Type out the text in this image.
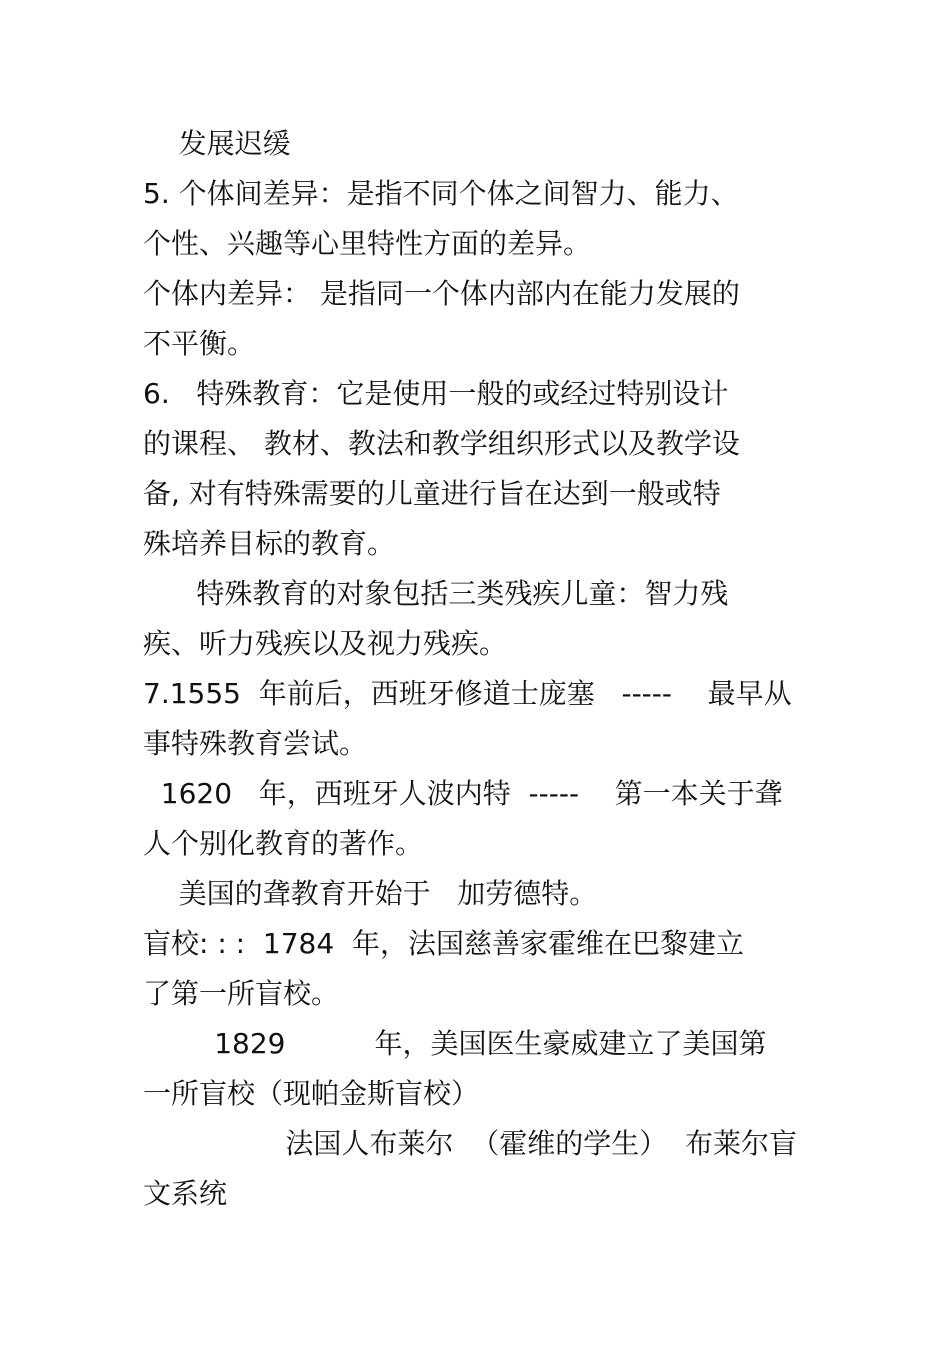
发展迟缓
5. 个体间差异：是指不同个体之间智力、能力、
个性、兴趣等心里特性方面的差异。
个体内差异： 是指同一个体内部内在能力发展的
不平衡。
6.   特殊教育：它是使用一般的或经过特别设计
的课程、 教材、教法和教学组织形式以及教学设
备, 对有特殊需要的儿童进行旨在达到一般或特
殊培养目标的教育。
特殊教育的对象包括三类残疾儿童：智力残
疾、听力残疾以及视力残疾。
7.1555  年前后，西班牙修道士庞塞   -----    最早从
事特殊教育尝试。
1620   年，西班牙人波内特  -----    第一本关于聋
人个别化教育的著作。
美国的聋教育开始于   加劳德特。
盲校: : :  1784  年，法国慈善家霍维在巴黎建立
了第一所盲校。
1829          年，美国医生豪威建立了美国第
一所盲校（现帕金斯盲校）
法国人布莱尔  （霍维的学生）  布莱尔盲
文系统
